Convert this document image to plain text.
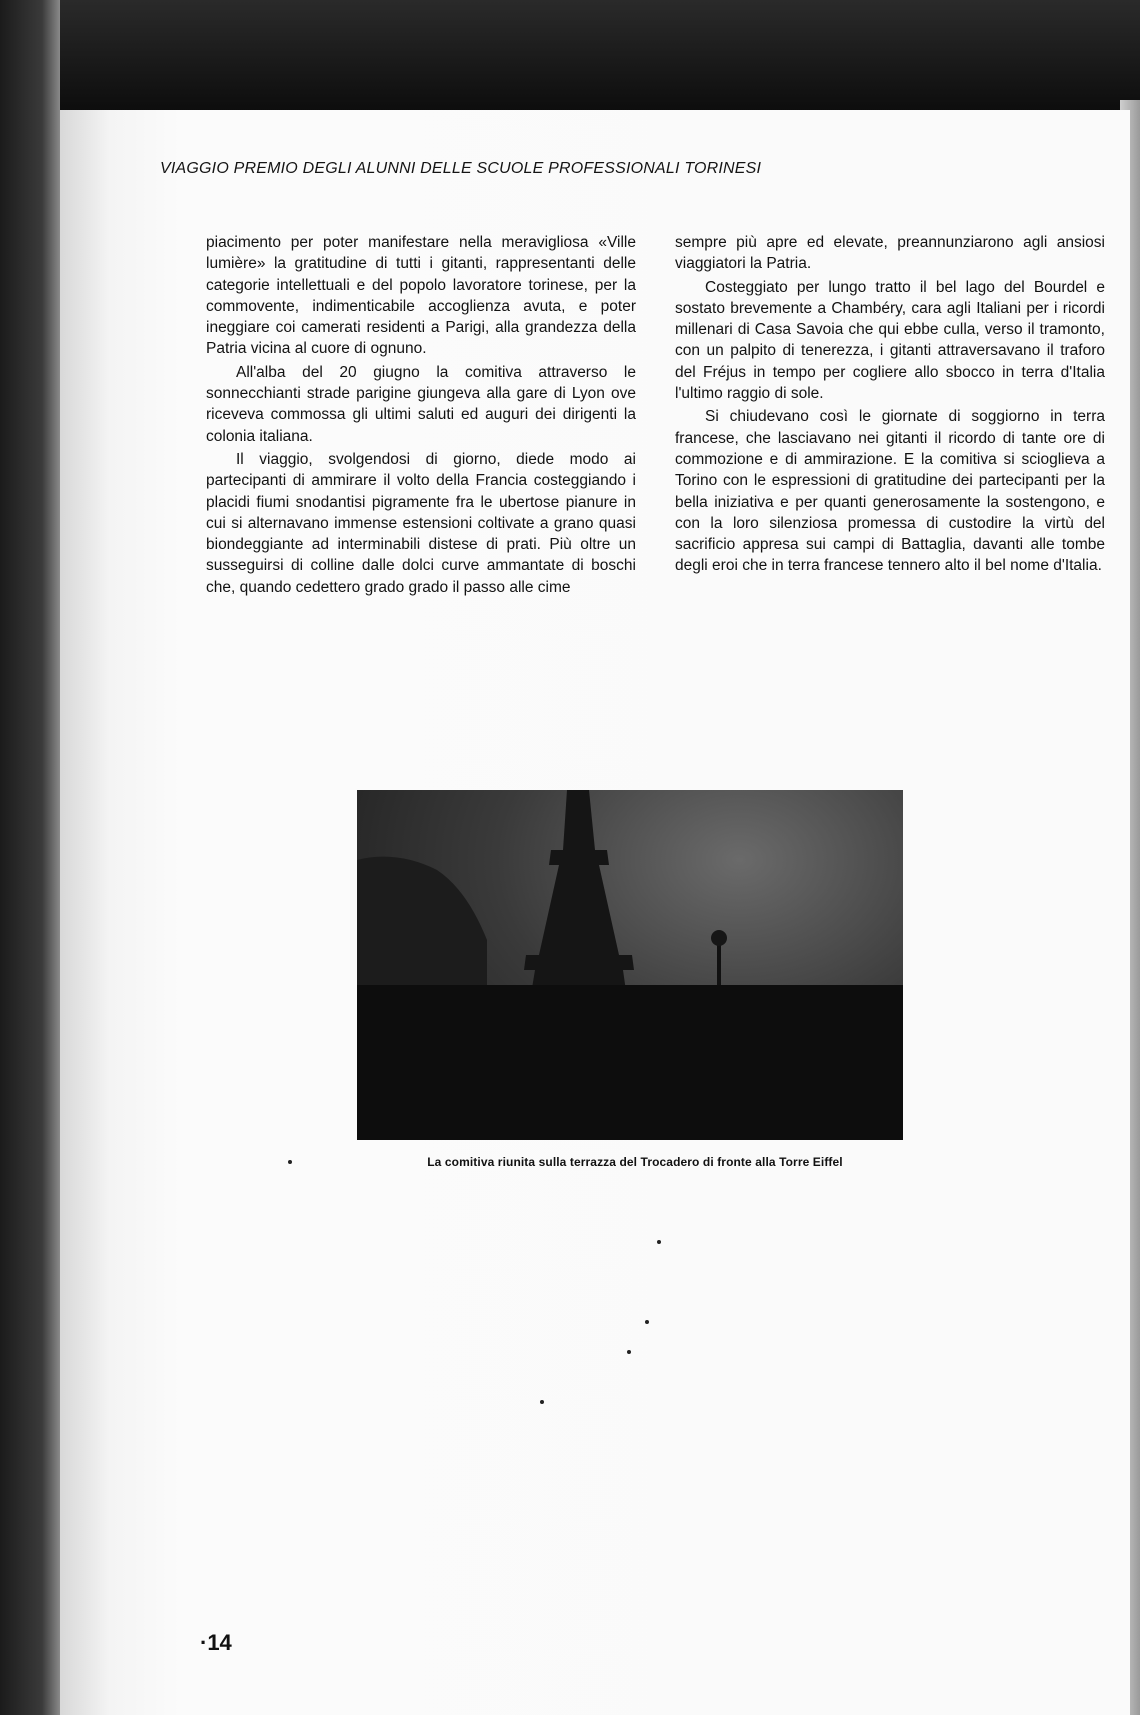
VIAGGIO PREMIO DEGLI ALUNNI DELLE SCUOLE PROFESSIONALI TORINESI

piacimento per poter manifestare nella meravigliosa «Ville lumière» la gratitudine di tutti i gitanti, rappresentanti delle categorie intellettuali e del popolo lavoratore torinese, per la commovente, indimenticabile accoglienza avuta, e poter ineggiare coi camerati residenti a Parigi, alla grandezza della Patria vicina al cuore di ognuno.

All'alba del 20 giugno la comitiva attraverso le sonnecchianti strade parigine giungeva alla gare di Lyon ove riceveva commossa gli ultimi saluti ed auguri dei dirigenti la colonia italiana.

Il viaggio, svolgendosi di giorno, diede modo ai partecipanti di ammirare il volto della Francia costeggiando i placidi fiumi snodantisi pigramente fra le ubertose pianure in cui si alternavano immense estensioni coltivate a grano quasi biondeggiante ad interminabili distese di prati. Più oltre un susseguirsi di colline dalle dolci curve ammantate di boschi che, quando cedettero grado grado il passo alle cime

sempre più apre ed elevate, preannunziarono agli ansiosi viaggiatori la Patria.

Costeggiato per lungo tratto il bel lago del Bourdel e sostato brevemente a Chambéry, cara agli Italiani per i ricordi millenari di Casa Savoia che qui ebbe culla, verso il tramonto, con un palpito di tenerezza, i gitanti attraversavano il traforo del Fréjus in tempo per cogliere allo sbocco in terra d'Italia l'ultimo raggio di sole.

Si chiudevano così le giornate di soggiorno in terra francese, che lasciavano nei gitanti il ricordo di tante ore di commozione e di ammirazione. E la comitiva si scioglieva a Torino con le espressioni di gratitudine dei partecipanti per la bella iniziativa e per quanti generosamente la sostengono, e con la loro silenziosa promessa di custodire la virtù del sacrificio appresa sui campi di Battaglia, davanti alle tombe degli eroi che in terra francese tennero alto il bel nome d'Italia.

La comitiva riunita sulla terrazza del Trocadero di fronte alla Torre Eiffel
·14
